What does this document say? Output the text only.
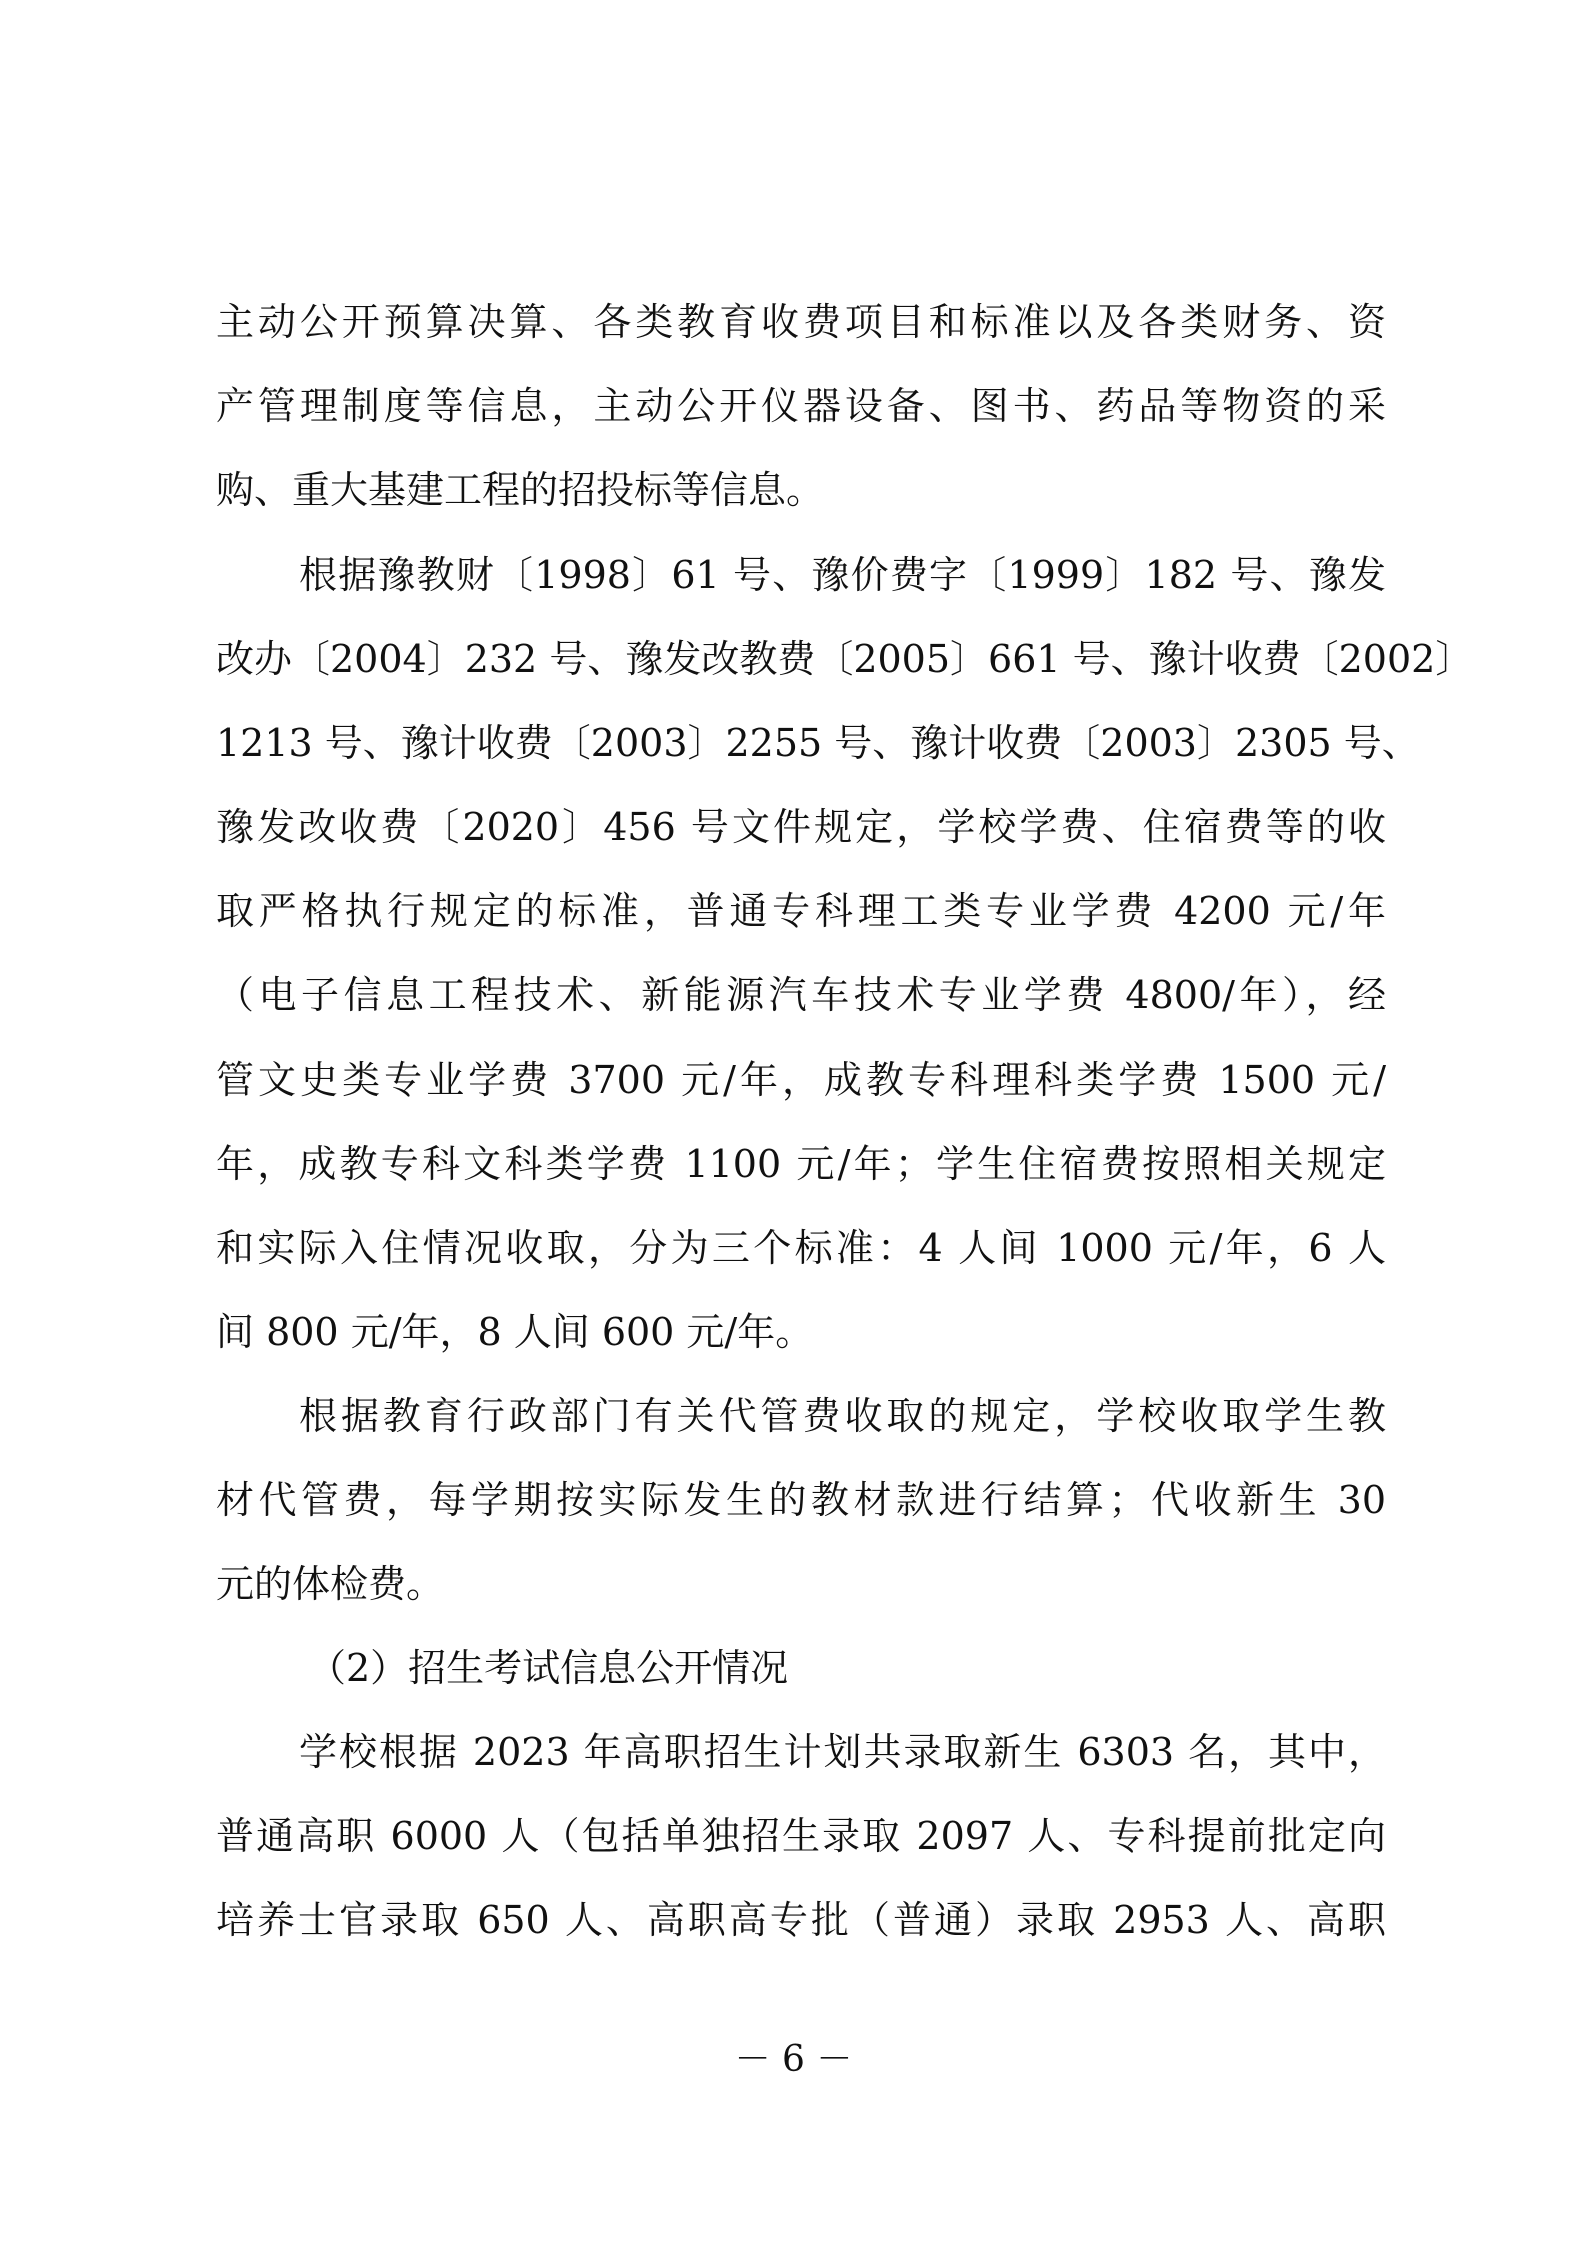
主动公开预算决算、各类教育收费项目和标准以及各类财务、资
产管理制度等信息，主动公开仪器设备、图书、药品等物资的采
购、重大基建工程的招投标等信息。
根据豫教财〔1998〕61 号、豫价费字〔1999〕182 号、豫发
改办〔2004〕232 号、豫发改教费〔2005〕661 号、豫计收费〔2002〕
1213 号、豫计收费〔2003〕2255 号、豫计收费〔2003〕2305 号、
豫发改收费〔2020〕456 号文件规定，学校学费、住宿费等的收
取严格执行规定的标准，普通专科理工类专业学费 4200 元/年
（电子信息工程技术、新能源汽车技术专业学费 4800/年），经
管文史类专业学费 3700 元/年，成教专科理科类学费 1500 元/
年，成教专科文科类学费 1100 元/年；学生住宿费按照相关规定
和实际入住情况收取，分为三个标准：4 人间 1000 元/年，6 人
间 800 元/年，8 人间 600 元/年。
根据教育行政部门有关代管费收取的规定，学校收取学生教
材代管费，每学期按实际发生的教材款进行结算；代收新生 30
元的体检费。
（2）招生考试信息公开情况
学校根据 2023 年高职招生计划共录取新生 6303 名，其中，
普通高职 6000 人（包括单独招生录取 2097 人、专科提前批定向
培养士官录取 650 人、高职高专批（普通）录取 2953 人、高职
－ 6 －
